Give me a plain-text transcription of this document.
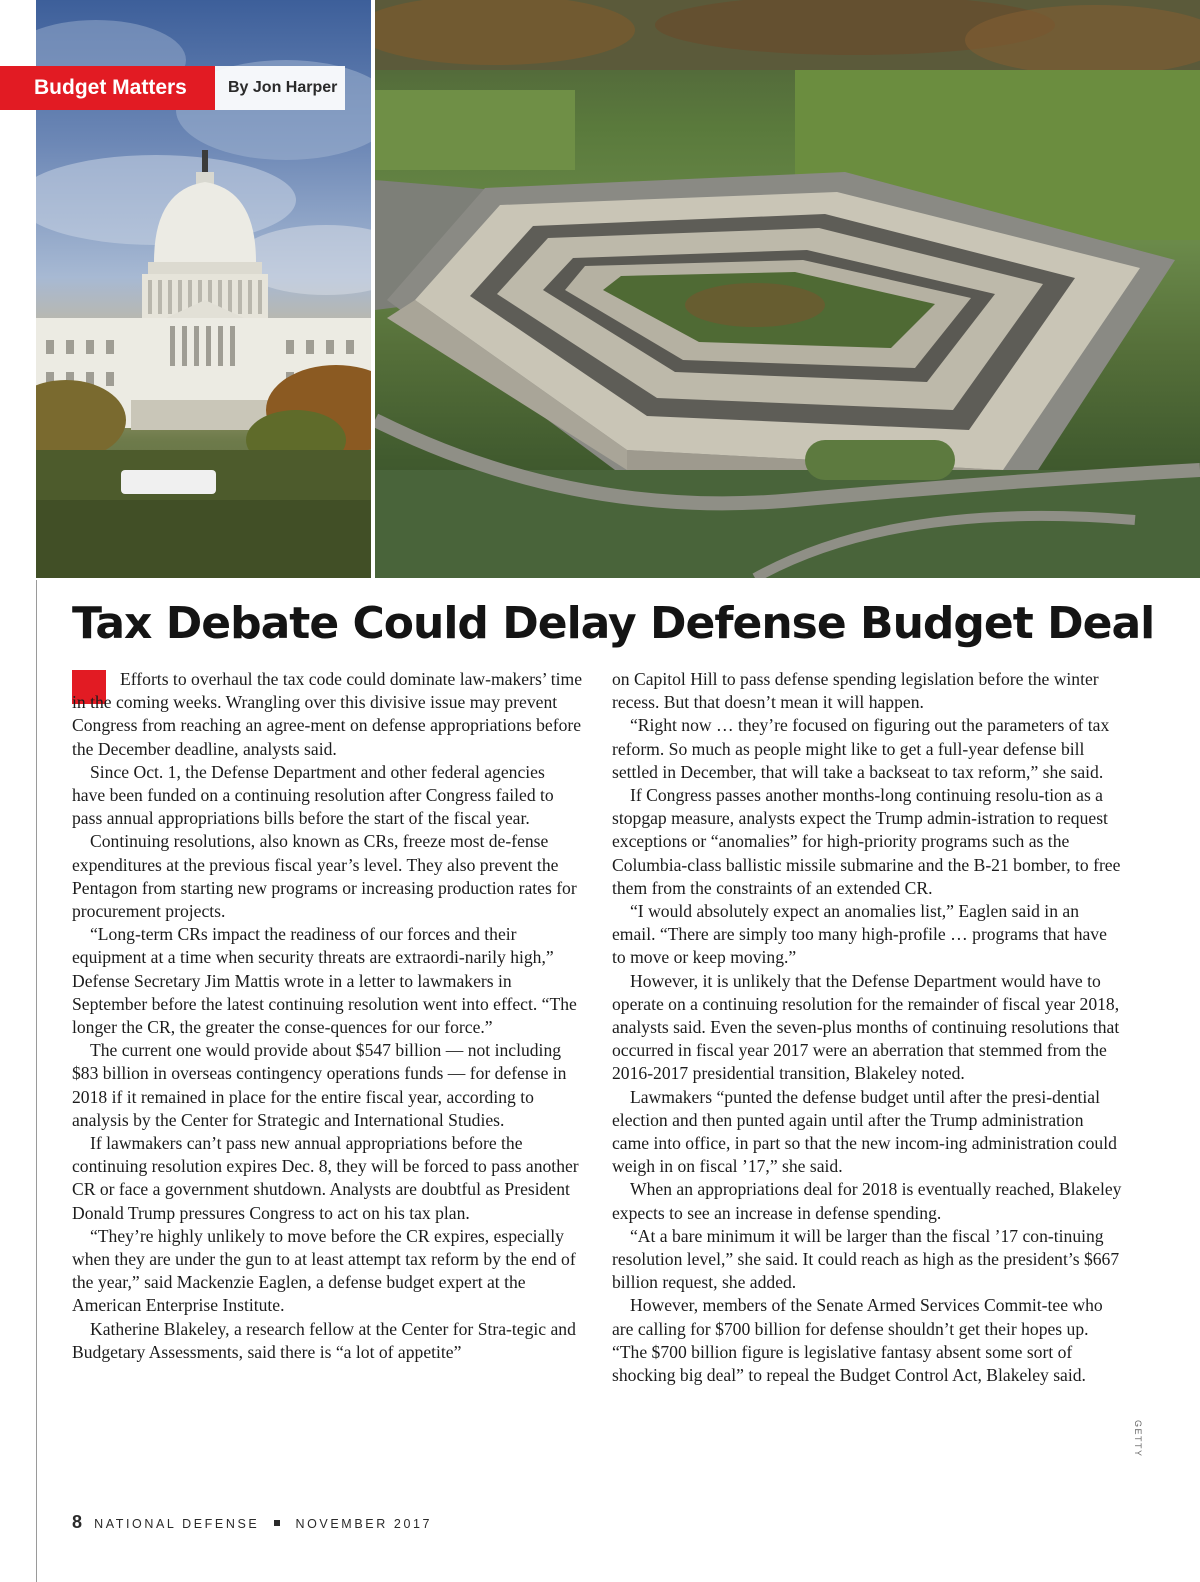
Budget Matters	By Jon Harper
Tax Debate Could Delay Defense Budget Deal

Efforts to overhaul the tax code could dominate law-makers’ time in the coming weeks. Wrangling over this divisive issue may prevent Congress from reaching an agree-ment on defense appropriations before the December deadline, analysts said.

Since Oct. 1, the Defense Department and other federal agencies have been funded on a continuing resolution after Congress failed to pass annual appropriations bills before the start of the fiscal year.

Continuing resolutions, also known as CRs, freeze most de-fense expenditures at the previous fiscal year’s level. They also prevent the Pentagon from starting new programs or increasing production rates for procurement projects.

“Long-term CRs impact the readiness of our forces and their equipment at a time when security threats are extraordi-narily high,” Defense Secretary Jim Mattis wrote in a letter to lawmakers in September before the latest continuing resolution went into effect. “The longer the CR, the greater the conse-quences for our force.”

The current one would provide about $547 billion — not including $83 billion in overseas contingency operations funds — for defense in 2018 if it remained in place for the entire fiscal year, according to analysis by the Center for Strategic and International Studies.

If lawmakers can’t pass new annual appropriations before the continuing resolution expires Dec. 8, they will be forced to pass another CR or face a government shutdown. Analysts are doubtful as President Donald Trump pressures Congress to act on his tax plan.

“They’re highly unlikely to move before the CR expires, especially when they are under the gun to at least attempt tax reform by the end of the year,” said Mackenzie Eaglen, a defense budget expert at the American Enterprise Institute.

Katherine Blakeley, a research fellow at the Center for Stra-tegic and Budgetary Assessments, said there is “a lot of appetite”

on Capitol Hill to pass defense spending legislation before the winter recess. But that doesn’t mean it will happen.

“Right now … they’re focused on figuring out the parameters of tax reform. So much as people might like to get a full-year defense bill settled in December, that will take a backseat to tax reform,” she said.

If Congress passes another months-long continuing resolu-tion as a stopgap measure, analysts expect the Trump admin-istration to request exceptions or “anomalies” for high-priority programs such as the Columbia-class ballistic missile submarine and the B-21 bomber, to free them from the constraints of an extended CR.

“I would absolutely expect an anomalies list,” Eaglen said in an email. “There are simply too many high-profile … programs that have to move or keep moving.”

However, it is unlikely that the Defense Department would have to operate on a continuing resolution for the remainder of fiscal year 2018, analysts said. Even the seven-plus months of continuing resolutions that occurred in fiscal year 2017 were an aberration that stemmed from the 2016-2017 presidential transition, Blakeley noted.

Lawmakers “punted the defense budget until after the presi-dential election and then punted again until after the Trump administration came into office, in part so that the new incom-ing administration could weigh in on fiscal ’17,” she said.

When an appropriations deal for 2018 is eventually reached, Blakeley expects to see an increase in defense spending.

“At a bare minimum it will be larger than the fiscal ’17 con-tinuing resolution level,” she said. It could reach as high as the president’s $667 billion request, she added.

However, members of the Senate Armed Services Commit-tee who are calling for $700 billion for defense shouldn’t get their hopes up. “The $700 billion figure is legislative fantasy absent some sort of shocking big deal” to repeal the Budget Control Act, Blakeley said.

GETTY
8 NATIONAL DEFENSE	NOVEMBER 2017
